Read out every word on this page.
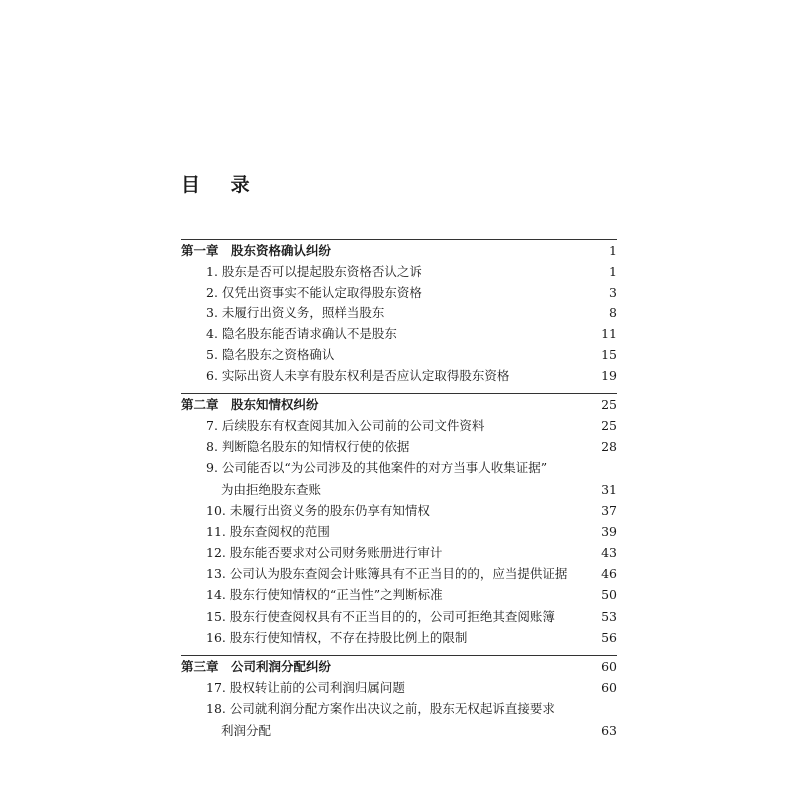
目 录
第一章　股东资格确认纠纷	1
1. 股东是否可以提起股东资格否认之诉	1
2. 仅凭出资事实不能认定取得股东资格	3
3. 未履行出资义务，照样当股东	8
4. 隐名股东能否请求确认不是股东	11
5. 隐名股东之资格确认	15
6. 实际出资人未享有股东权利是否应认定取得股东资格	19
第二章　股东知情权纠纷	25
7. 后续股东有权查阅其加入公司前的公司文件资料	25
8. 判断隐名股东的知情权行使的依据	28
9. 公司能否以“为公司涉及的其他案件的对方当事人收集证据”
为由拒绝股东查账	31
10. 未履行出资义务的股东仍享有知情权	37
11. 股东查阅权的范围	39
12. 股东能否要求对公司财务账册进行审计	43
13. 公司认为股东查阅会计账簿具有不正当目的的，应当提供证据	46
14. 股东行使知情权的“正当性”之判断标准	50
15. 股东行使查阅权具有不正当目的的，公司可拒绝其查阅账簿	53
16. 股东行使知情权，不存在持股比例上的限制	56
第三章　公司利润分配纠纷	60
17. 股权转让前的公司利润归属问题	60
18. 公司就利润分配方案作出决议之前，股东无权起诉直接要求
利润分配	63
